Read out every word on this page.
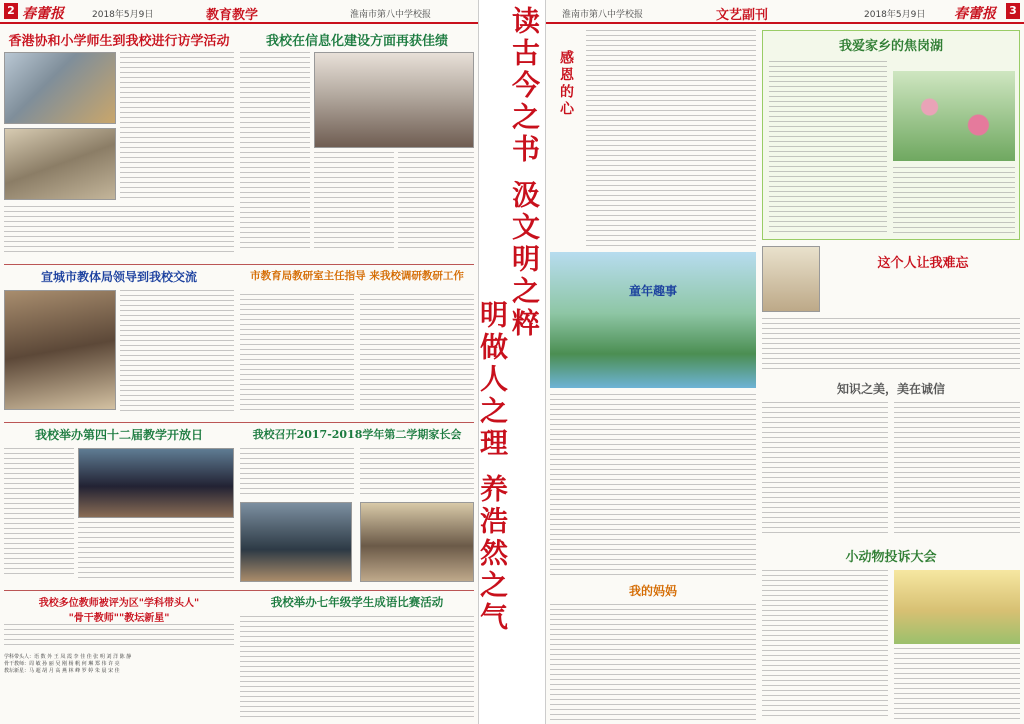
2 春蕾报	2018年5月9日	教育教学	淮南市第八中学校报
香港协和小学师生到我校进行访学活动	我校在信息化建设方面再获佳绩
宣城市教体局领导到我校交流	市教育局教研室主任指导 来我校调研教研工作
我校举办第四十二届教学开放日	我校召开2017-2018学年第二学期家长会
我校多位教师被评为区"学科带头人"
"骨干教师""教坛新星"
学科带头人：语 数 外 王 凤 霞 李 佳 佳 张 明 刘 洋 陈 静
骨干教师：周 敏 孙 丽 吴 刚 杨 帆 何 琳 郑 伟 许 亮
教坛新星：马 超 胡 月 高 燕 林 峰 罗 婷 朱 晨 宋 佳
我校举办七年级学生成语比赛活动
读古今之书 汲文明之粹
明做人之理 养浩然之气
淮南市第八中学校报	文艺副刊	2018年5月9日 春蕾报 3
感恩的心
我爱家乡的焦岗湖
童年趣事
这个人让我难忘
知识之美，美在诚信
我的妈妈
小动物投诉大会
